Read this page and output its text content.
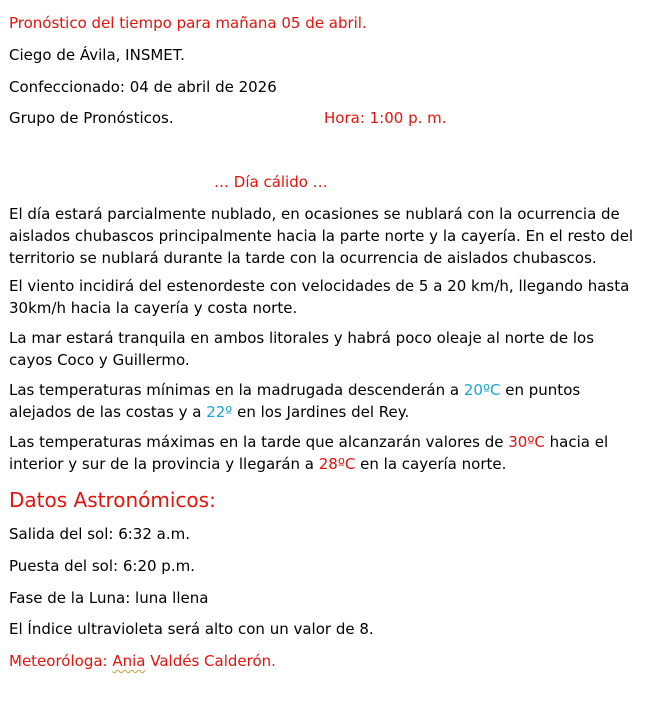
Pronóstico del tiempo para mañana 05 de abril.
Ciego de Ávila, INSMET.
Confeccionado: 04 de abril de 2026
Grupo de Pronósticos.	Hora: 1:00 p. m.
… Día cálido …
El día estará parcialmente nublado, en ocasiones se nublará con la ocurrencia de aislados chubascos principalmente hacia la parte norte y la cayería. En el resto del territorio se nublará durante la tarde con la ocurrencia de aislados chubascos.
El viento incidirá del estenordeste con velocidades de 5 a 20 km/h, llegando hasta 30km/h hacia la cayería y costa norte.
La mar estará tranquila en ambos litorales y habrá poco oleaje al norte de los cayos Coco y Guillermo.
Las temperaturas mínimas en la madrugada descenderán a 20ºC en puntos alejados de las costas y a 22º en los Jardines del Rey.
Las temperaturas máximas en la tarde que alcanzarán valores de 30ºC hacia el interior y sur de la provincia y llegarán a 28ºC en la cayería norte.
Datos Astronómicos:
Salida del sol: 6:32 a.m.
Puesta del sol: 6:20 p.m.
Fase de la Luna: luna llena
El Índice ultravioleta será alto con un valor de 8.
Meteoróloga: Ania Valdés Calderón.
